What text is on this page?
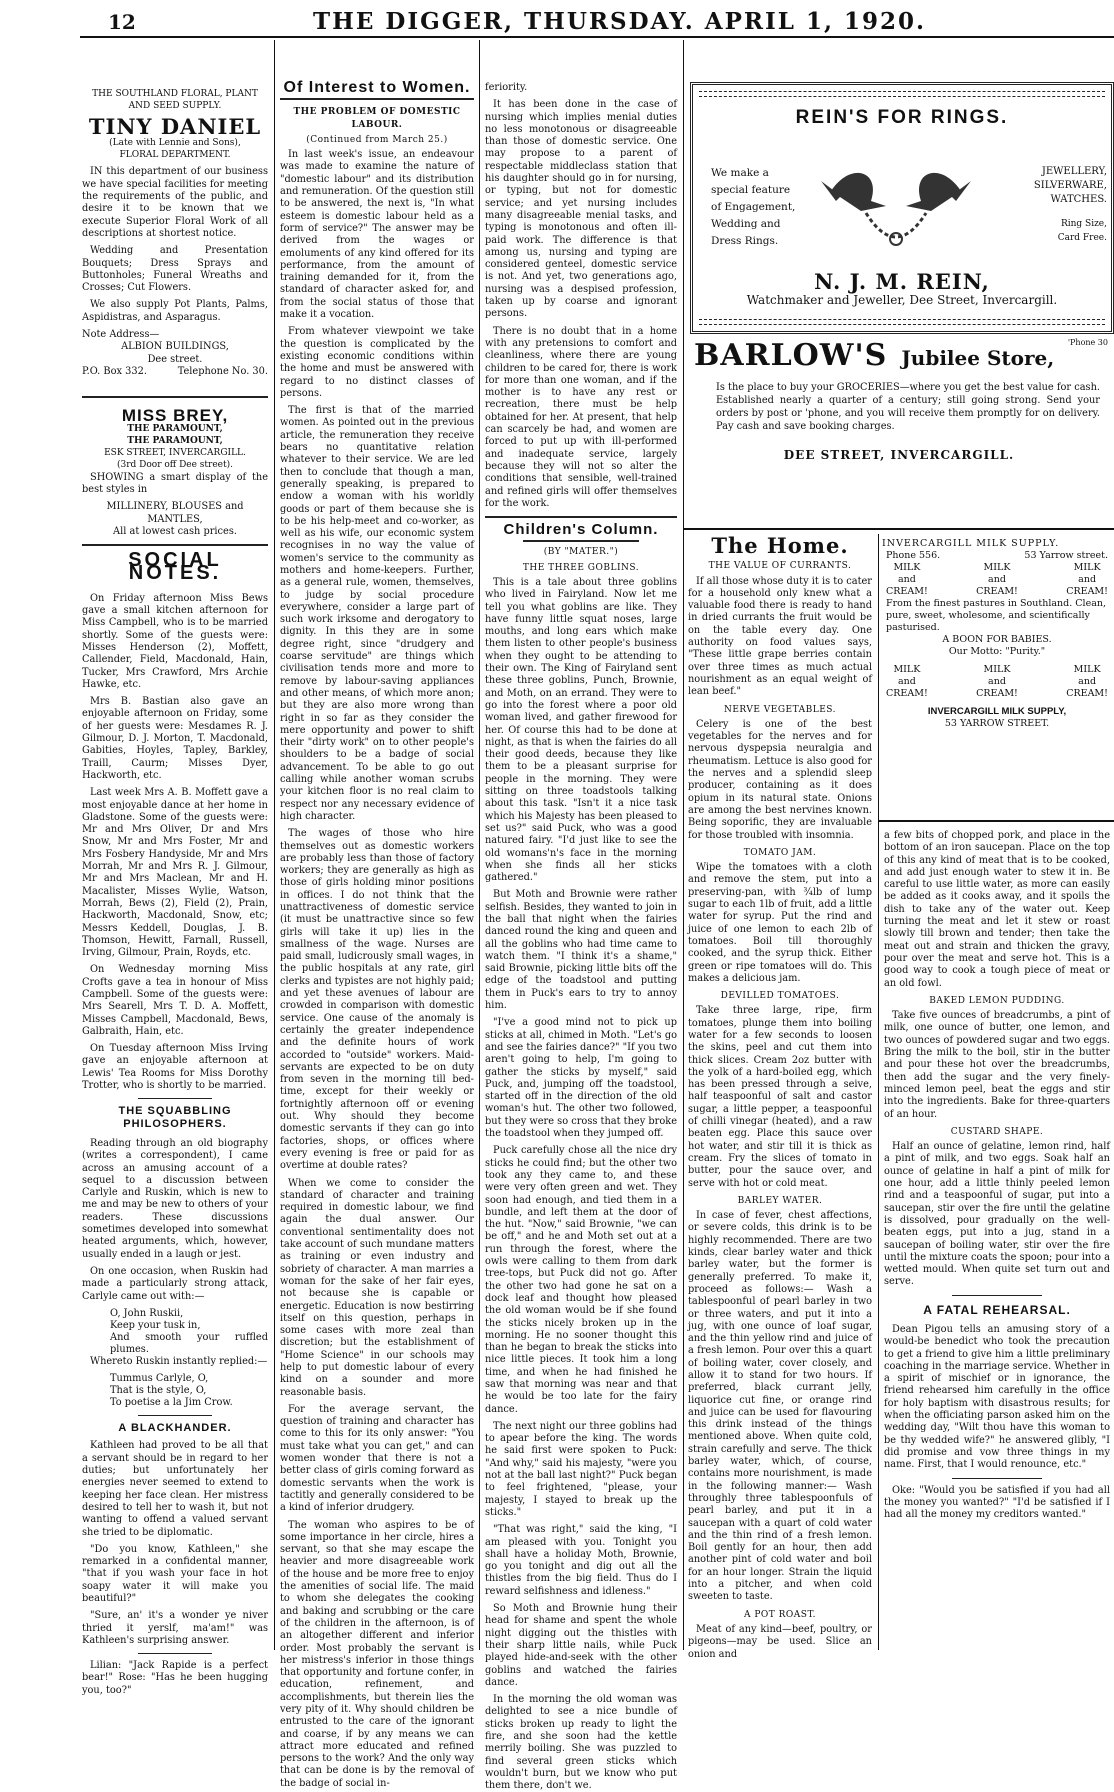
12	THE DIGGER, THURSDAY. APRIL 1, 1920.
THE SOUTHLAND FLORAL, PLANT
AND SEED SUPPLY.
TINY DANIEL
(Late with Lennie and Sons),
FLORAL DEPARTMENT.

IN this department of our business we have special facilities for meeting the requirements of the public, and desire it to be known that we execute Superior Floral Work of all descriptions at shortest notice.

Wedding and Presentation Bouquets; Dress Sprays and Buttonholes; Funeral Wreaths and Crosses; Cut Flowers.

We also supply Pot Plants, Palms, Aspidistras, and Asparagus.

Note Address—
ALBION BUILDINGS,
Dee street.
P.O. Box 332.	Telephone No. 30.
MISS BREY,
THE PARAMOUNT,
THE PARAMOUNT,
ESK STREET, INVERCARGILL.
(3rd Door off Dee street).

SHOWING a smart display of the best styles in

MILLINERY, BLOUSES and MANTLES,
All at lowest cash prices.
SOCIAL NOTES.

On Friday afternoon Miss Bews gave a small kitchen afternoon for Miss Campbell, who is to be married shortly. Some of the guests were: Misses Henderson (2), Moffett, Callender, Field, Macdonald, Hain, Tucker, Mrs Crawford, Mrs Archie Hawke, etc.

Mrs B. Bastian also gave an enjoyable afternoon on Friday, some of her guests were: Mesdames R. J. Gilmour, D. J. Morton, T. Macdonald, Gabities, Hoyles, Tapley, Barkley, Traill, Caurm; Misses Dyer, Hackworth, etc.

Last week Mrs A. B. Moffett gave a most enjoyable dance at her home in Gladstone. Some of the guests were: Mr and Mrs Oliver, Dr and Mrs Snow, Mr and Mrs Foster, Mr and Mrs Fosbery Handyside, Mr and Mrs Morrah, Mr and Mrs R. J. Gilmour, Mr and Mrs Maclean, Mr and H. Macalister, Misses Wylie, Watson, Morrah, Bews (2), Field (2), Prain, Hackworth, Macdonald, Snow, etc; Messrs Keddell, Douglas, J. B. Thomson, Hewitt, Farnall, Russell, Irving, Gilmour, Prain, Royds, etc.

On Wednesday morning Miss Crofts gave a tea in honour of Miss Campbell. Some of the guests were: Mrs Searell, Mrs T. D. A. Moffett, Misses Campbell, Macdonald, Bews, Galbraith, Hain, etc.

On Tuesday afternoon Miss Irving gave an enjoyable afternoon at Lewis' Tea Rooms for Miss Dorothy Trotter, who is shortly to be married.

THE SQUABBLING PHILOSOPHERS.

Reading through an old biography (writes a correspondent), I came across an amusing account of a sequel to a discussion between Carlyle and Ruskin, which is new to me and may be new to others of your readers. These discussions sometimes developed into somewhat heated arguments, which, however, usually ended in a laugh or jest.

On one occasion, when Ruskin had made a particularly strong attack, Carlyle came out with:—

O, John Ruskii,
Keep your tusk in,
And smooth your ruffled plumes.

Whereto Ruskin instantly replied:—

Tummus Carlyle, O,
That is the style, O,
To poetise a la Jim Crow.
A BLACKHANDER.

Kathleen had proved to be all that a servant should be in regard to her duties; but unfortunately her energies never seemed to extend to keeping her face clean. Her mistress desired to tell her to wash it, but not wanting to offend a valued servant she tried to be diplomatic.

"Do you know, Kathleen," she remarked in a confidental manner, "that if you wash your face in hot soapy water it will make you beautiful?"

"Sure, an' it's a wonder ye niver thried it yerslf, ma'am!" was Kathleen's surprising answer.

Lilian: "Jack Rapide is a perfect bear!" Rose: "Has he been hugging you, too?"

Of Interest to Women.
THE PROBLEM OF DOMESTIC LABOUR.
(Continued from March 25.)

In last week's issue, an endeavour was made to examine the nature of "domestic labour" and its distribution and remuneration. Of the question still to be answered, the next is, "In what esteem is domestic labour held as a form of service?" The answer may be derived from the wages or emoluments of any kind offered for its performance, from the amount of training demanded for it, from the standard of character asked for, and from the social status of those that make it a vocation.

From whatever viewpoint we take the question is complicated by the existing economic conditions within the home and must be answered with regard to no distinct classes of persons.

The first is that of the married women. As pointed out in the previous article, the remuneration they receive bears no quantitative relation whatever to their service. We are led then to conclude that though a man, generally speaking, is prepared to endow a woman with his worldly goods or part of them because she is to be his help-meet and co-worker, as well as his wife, our economic system recognises in no way the value of women's service to the community as mothers and home-keepers. Further, as a general rule, women, themselves, to judge by social procedure everywhere, consider a large part of such work irksome and derogatory to dignity. In this they are in some degree right, since "drudgery and coarse servitude" are things which civilisation tends more and more to remove by labour-saving appliances and other means, of which more anon; but they are also more wrong than right in so far as they consider the mere opportunity and power to shift their "dirty work" on to other people's shoulders to be a badge of social advancement. To be able to go out calling while another woman scrubs your kitchen floor is no real claim to respect nor any necessary evidence of high character.

The wages of those who hire themselves out as domestic workers are probably less than those of factory workers; they are generally as high as those of girls holding minor positions in offices. I do not think that the unattractiveness of domestic service (it must be unattractive since so few girls will take it up) lies in the smallness of the wage. Nurses are paid small, ludicrously small wages, in the public hospitals at any rate, girl clerks and typistes are not highly paid; and yet these avenues of labour are crowded in comparison with domestic service. One cause of the anomaly is certainly the greater independence and the definite hours of work accorded to "outside" workers. Maid-servants are expected to be on duty from seven in the morning till bed-time, except for their weekly or fortnightly afternoon off or evening out. Why should they become domestic servants if they can go into factories, shops, or offices where every evening is free or paid for as overtime at double rates?

When we come to consider the standard of character and training required in domestic labour, we find again the dual answer. Our conventional sentimentality does not take account of such mundane matters as training or even industry and sobriety of character. A man marries a woman for the sake of her fair eyes, not because she is capable or energetic. Education is now bestirring itself on this question, perhaps in some cases with more zeal than discretion; but the establishment of "Home Science" in our schools may help to put domestic labour of every kind on a sounder and more reasonable basis.

For the average servant, the question of training and character has come to this for its only answer: "You must take what you can get," and can women wonder that there is not a better class of girls coming forward as domestic servants when the work is tactitly and generally considered to be a kind of inferior drudgery.

The woman who aspires to be of some importance in her circle, hires a servant, so that she may escape the heavier and more disagreeable work of the house and be more free to enjoy the amenities of social life. The maid to whom she delegates the cooking and baking and scrubbing or the care of the children in the afternoon, is of an altogether different and inferior order. Most probably the servant is her mistress's inferior in those things that opportunity and fortune confer, in education, refinement, and accomplishments, but therein lies the very pity of it. Why should children be entrusted to the care of the ignorant and coarse, if by any means we can attract more educated and refined persons to the work? And the only way that can be done is by the removal of the badge of social in-

feriority.

It has been done in the case of nursing which implies menial duties no less monotonous or disagreeable than those of domestic service. One may propose to a parent of respectable middleclass station that his daughter should go in for nursing, or typing, but not for domestic service; and yet nursing includes many disagreeable menial tasks, and typing is monotonous and often ill-paid work. The difference is that among us, nursing and typing are considered genteel, domestic service is not. And yet, two generations ago, nursing was a despised profession, taken up by coarse and ignorant persons.

There is no doubt that in a home with any pretensions to comfort and cleanliness, where there are young children to be cared for, there is work for more than one woman, and if the mother is to have any rest or recreation, there must be help obtained for her. At present, that help can scarcely be had, and women are forced to put up with ill-performed and inadequate service, largely because they will not so alter the conditions that sensible, well-trained and refined girls will offer themselves for the work.

Children's Column.
(BY "MATER.")
THE THREE GOBLINS.

This is a tale about three goblins who lived in Fairyland. Now let me tell you what goblins are like. They have funny little squat noses, large mouths, and long ears which make them listen to other people's business when they ought to be attending to their own. The King of Fairyland sent these three goblins, Punch, Brownie, and Moth, on an errand. They were to go into the forest where a poor old woman lived, and gather firewood for her. Of course this had to be done at night, as that is when the fairies do all their good deeds, because they like them to be a pleasant surprise for people in the morning. They were sitting on three toadstools talking about this task. "Isn't it a nice task which his Majesty has been pleased to set us?" said Puck, who was a good natured fairy. "I'd just like to see the old womans'n's face in the morning when she finds all her sticks gathered."

But Moth and Brownie were rather selfish. Besides, they wanted to join in the ball that night when the fairies danced round the king and queen and all the goblins who had time came to watch them. "I think it's a shame," said Brownie, picking little bits off the edge of the toadstool and putting them in Puck's ears to try to annoy him.

"I've a good mind not to pick up sticks at all, chimed in Moth. "Let's go and see the fairies dance?" "If you two aren't going to help, I'm going to gather the sticks by myself," said Puck, and, jumping off the toadstool, started off in the direction of the old woman's hut. The other two followed, but they were so cross that they broke the toadstool when they jumped off.

Puck carefully chose all the nice dry sticks he could find; but the other two took any they came to, and these were very often green and wet. They soon had enough, and tied them in a bundle, and left them at the door of the hut. "Now," said Brownie, "we can be off," and he and Moth set out at a run through the forest, where the owls were calling to them from dark tree-tops, but Puck did not go. After the other two had gone he sat on a dock leaf and thought how pleased the old woman would be if she found the sticks nicely broken up in the morning. He no sooner thought this than he began to break the sticks into nice little pieces. It took him a long time, and when he had finished he saw that morning was near and that he would be too late for the fairy dance.

The next night our three goblins had to apear before the king. The words he said first were spoken to Puck: "And why," said his majesty, "were you not at the ball last night?" Puck began to feel frightened, "please, your majesty, I stayed to break up the sticks."

"That was right," said the king, "I am pleased with you. Tonight you shall have a holiday Moth, Brownie, go you tonight and dig out all the thistles from the big field. Thus do I reward selfishness and idleness."

So Moth and Brownie hung their head for shame and spent the whole night digging out the thistles with their sharp little nails, while Puck played hide-and-seek with the other goblins and watched the fairies dance.

In the morning the old woman was delighted to see a nice bundle of sticks broken up ready to light the fire, and she soon had the kettle merrily boiling. She was puzzled to find several green sticks which wouldn't burn, but we know who put them there, don't we.

REIN'S FOR RINGS.
We make a
special feature
of Engagement,
Wedding and
Dress Rings.
JEWELLERY,
SILVERWARE,
WATCHES.
Ring Size,
Card Free.
N. J. M. REIN,
Watchmaker and Jeweller, Dee Street, Invercargill.
'Phone 30
BARLOW'S Jubilee Store,
Is the place to buy your GROCERIES—where you get the best value for cash. Established nearly a quarter of a century; still going strong. Send your orders by post or 'phone, and you will receive them promptly for on delivery. Pay cash and save booking charges.
DEE STREET, INVERCARGILL.
The Home.
THE VALUE OF CURRANTS.

If all those whose duty it is to cater for a household only knew what a valuable food there is ready to hand in dried currants the fruit would be on the table every day. One authority on food values says, "These little grape berries contain over three times as much actual nourishment as an equal weight of lean beef."

NERVE VEGETABLES.

Celery is one of the best vegetables for the nerves and for nervous dyspepsia neuralgia and rheumatism. Lettuce is also good for the nerves and a splendid sleep producer, containing as it does opium in its natural state. Onions are among the best nervines known. Being soporific, they are invaluable for those troubled with insomnia.

TOMATO JAM.

Wipe the tomatoes with a cloth and remove the stem, put into a preserving-pan, with ¾lb of lump sugar to each 1lb of fruit, add a little water for syrup. Put the rind and juice of one lemon to each 2lb of tomatoes. Boil till thoroughly cooked, and the syrup thick. Either green or ripe tomatoes will do. This makes a delicious jam.

DEVILLED TOMATOES.

Take three large, ripe, firm tomatoes, plunge them into boiling water for a few seconds to loosen the skins, peel and cut them into thick slices. Cream 2oz butter with the yolk of a hard-boiled egg, which has been pressed through a seive, half teaspoonful of salt and castor sugar, a little pepper, a teaspoonful of chilli vinegar (heated), and a raw beaten egg. Place this sauce over hot water, and stir till it is thick as cream. Fry the slices of tomato in butter, pour the sauce over, and serve with hot or cold meat.

BARLEY WATER.

In case of fever, chest affections, or severe colds, this drink is to be highly recommended. There are two kinds, clear barley water and thick barley water, but the former is generally preferred. To make it, proceed as follows:— Wash a tablespoonful of pearl barley in two or three waters, and put it into a jug, with one ounce of loaf sugar, and the thin yellow rind and juice of a fresh lemon. Pour over this a quart of boiling water, cover closely, and allow it to stand for two hours. If preferred, black currant jelly, liquorice cut fine, or orange rind and juice can be used for flavouring this drink instead of the things mentioned above. When quite cold, strain carefully and serve. The thick barley water, which, of course, contains more nourishment, is made in the following manner:— Wash throughly three tablespoonfuls of pearl barley, and put it in a saucepan with a quart of cold water and the thin rind of a fresh lemon. Boil gently for an hour, then add another pint of cold water and boil for an hour longer. Strain the liquid into a pitcher, and when cold sweeten to taste.

A POT ROAST.

Meat of any kind—beef, poultry, or pigeons—may be used. Slice an onion and

INVERCARGILL MILK SUPPLY.
Phone 556.	53 Yarrow street.
MILK
and
CREAM!
MILK
and
CREAM!
MILK
and
CREAM!
From the finest pastures in Southland. Clean, pure, sweet, wholesome, and scientifically pasturised.
A BOON FOR BABIES.
Our Motto: "Purity."
MILK
and
CREAM!
MILK
and
CREAM!
MILK
and
CREAM!
INVERCARGILL MILK SUPPLY,
53 YARROW STREET.

a few bits of chopped pork, and place in the bottom of an iron saucepan. Place on the top of this any kind of meat that is to be cooked, and add just enough water to stew it in. Be careful to use little water, as more can easily be added as it cooks away, and it spoils the dish to take any of the water out. Keep turning the meat and let it stew or roast slowly till brown and tender; then take the meat out and strain and thicken the gravy, pour over the meat and serve hot. This is a good way to cook a tough piece of meat or an old fowl.

BAKED LEMON PUDDING.

Take five ounces of breadcrumbs, a pint of milk, one ounce of butter, one lemon, and two ounces of powdered sugar and two eggs. Bring the milk to the boil, stir in the butter and pour these hot over the breadcrumbs, then add the sugar and the very finely-minced lemon peel, beat the eggs and stir into the ingredients. Bake for three-quarters of an hour.

CUSTARD SHAPE.

Half an ounce of gelatine, lemon rind, half a pint of milk, and two eggs. Soak half an ounce of gelatine in half a pint of milk for one hour, add a little thinly peeled lemon rind and a teaspoonful of sugar, put into a saucepan, stir over the fire until the gelatine is dissolved, pour gradually on the well-beaten eggs, put into a jug, stand in a saucepan of boiling water, stir over the fire until the mixture coats the spoon; pour into a wetted mould. When quite set turn out and serve.

A FATAL REHEARSAL.

Dean Pigou tells an amusing story of a would-be benedict who took the precaution to get a friend to give him a little preliminary coaching in the marriage service. Whether in a spirit of mischief or in ignorance, the friend rehearsed him carefully in the office for holy baptism with disastrous results; for when the officiating parson asked him on the wedding day, "Wilt thou have this woman to be thy wedded wife?" he answered glibly, "I did promise and vow three things in my name. First, that I would renounce, etc."

Oke: "Would you be satisfied if you had all the money you wanted?" "I'd be satisfied if I had all the money my creditors wanted."
